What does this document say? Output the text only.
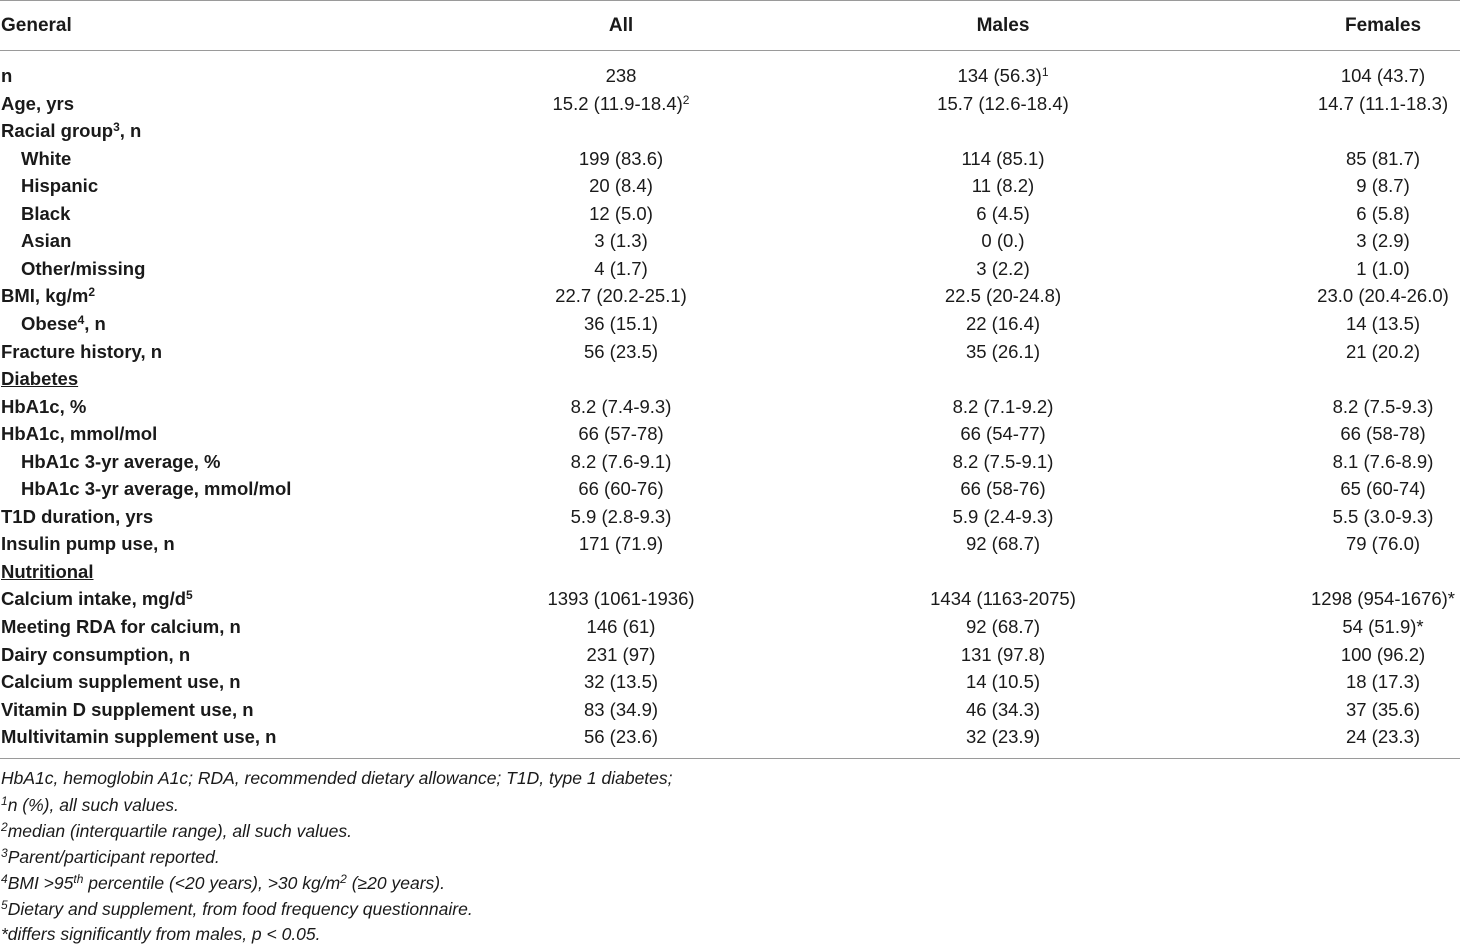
General	All	Males	Females
n	238	134 $(56.3)^1$	104 (43.7)
Age, yrs	15.2 $(11.9-18.4)^2$	15.7 (12.6-18.4)	14.7 (11.1-18.3)
Racial group$^3$, n
White	199 (83.6)	114 (85.1)	85 (81.7)
Hispanic	20 (8.4)	11 (8.2)	9 (8.7)
Black	12 (5.0)	6 (4.5)	6 (5.8)
Asian	3 (1.3)	0 (0.)	3 (2.9)
Other/missing	4 (1.7)	3 (2.2)	1 (1.0)
BMI, $kg/m^2$	22.7 (20.2-25.1)	22.5 (20-24.8)	23.0 (20.4-26.0)
Obese$^4$, n	36 (15.1)	22 (16.4)	14 (13.5)
Fracture history, n	56 (23.5)	35 (26.1)	21 (20.2)
Diabetes
HbA1c, %	8.2 (7.4-9.3)	8.2 (7.1-9.2)	8.2 (7.5-9.3)
HbA1c, mmol/mol	66 (57-78)	66 (54-77)	66 (58-78)
HbA1c 3-yr average, %	8.2 (7.6-9.1)	8.2 (7.5-9.1)	8.1 (7.6-8.9)
HbA1c 3-yr average, mmol/mol	66 (60-76)	66 (58-76)	65 (60-74)
T1D duration, yrs	5.9 (2.8-9.3)	5.9 (2.4-9.3)	5.5 (3.0-9.3)
Insulin pump use, n	171 (71.9)	92 (68.7)	79 (76.0)
Nutritional
Calcium intake, $mg/d^5$	1393 (1061-1936)	1434 (1163-2075)	1298 (954-1676)*
Meeting RDA for calcium, n	146 (61)	92 (68.7)	54 (51.9)*
Dairy consumption, n	231 (97)	131 (97.8)	100 (96.2)
Calcium supplement use, n	32 (13.5)	14 (10.5)	18 (17.3)
Vitamin D supplement use, n	83 (34.9)	46 (34.3)	37 (35.6)
Multivitamin supplement use, n	56 (23.6)	32 (23.9)	24 (23.3)
HbA1c, hemoglobin A1c; RDA, recommended dietary allowance; T1D, type 1 diabetes;
$^1$n (%), all such values.
$^2$median (interquartile range), all such values.
$^3$Parent/participant reported.
$^4$BMI >95th percentile (<20 years), >30 $kg/m^2$ (≥20 years).
$^5$Dietary and supplement, from food frequency questionnaire.
*differs significantly from males, p < 0.05.
